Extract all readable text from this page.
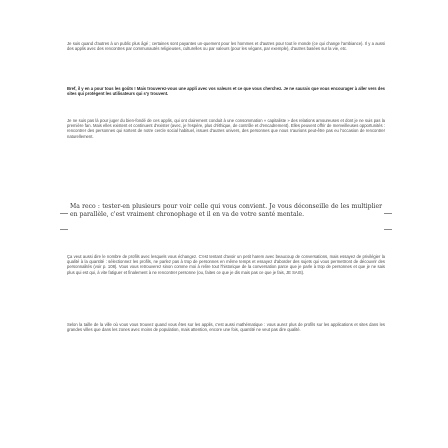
Je suis quand d'autres à un public plus âgé ; certaines sont payantes un-quement pour les hommes et d'autres pour tout le monde (ce qui change l'ambiance). Il y a aussi des applis avec des rencontres par communautés religieuses, culturelles ou par valeurs (pour les végans, par exemple), d'autres basées sur la vie, etc.

Bref, il y en a pour tous les goûts ! Mais trouverez-vous une appli avec vos valeurs et ce que vous cherchez. Je ne saurais que vous encourager à aller vers des sites qui protègent les utilisateurs qui s'y trouvent.

Je ne suis pas là pour juger du bien-fondé de ces applis, qui ont clairement conduit à une consommation « capitaliste » des relations amoureuses et dont je ne suis pas la première fan. Mais elles existent et continuent d'exister (avec, je l'espère, plus d'éthique, de contrôle et d'encadrement). Elles peuvent offrir de merveilleuses opportunités : rencontrer des personnes qui sortent de notre cercle social habituel, issues d'autres univers, des personnes que nous n'aurions peut-être pas eu l'occasion de rencontrer naturellement.

Ma reco : tester-en plusieurs pour voir celle qui vous convient. Je vous déconseille de les multiplier en parallèle, c'est vraiment chronophage et il en va de votre santé mentale.

Ça veut aussi dire le nombre de profils avec lesquels vous échangez. C'est tentant d'avoir un petit harem avec beaucoup de conversations, mais essayez de privilégier la qualité à la quantité : sélectionnez les profils, ne parlez pas à trop de personnes en même temps et essayez d'aborder des sujets qui vous permettront de découvrir des personnalités (voir p. 108). Vous vous retrouverez sinon comme moi à relire tout l'historique de la conversation parce que je parle à trop de personnes et que je ne sais plus qui est qui, à vite fatiguer et finalement à ne rencontrer personne (ou, faites ce que je dis mais pas ce que je fais, JE SAIS).

Selon la taille de la ville où vous vous trouvez quand vous êtes sur les applis, c'est aussi mathématique : vous aurez plus de profils sur les applications et sites dans les grandes villes que dans les zones avec moins de population, mais attention, encore une fois, quantité ne veut pas dire qualité.
